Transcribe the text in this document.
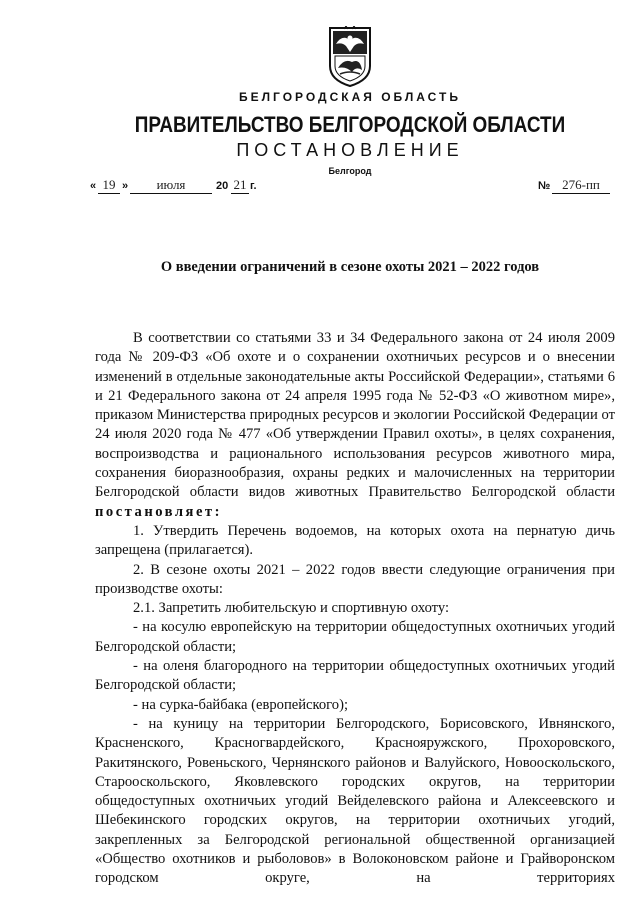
БЕЛГОРОДСКАЯ ОБЛАСТЬ
ПРАВИТЕЛЬСТВО БЕЛГОРОДСКОЙ ОБЛАСТИ
ПОСТАНОВЛЕНИЕ
Белгород
« 19 »	июля	20 21 г.	№ 276-пп
О введении ограничений в сезоне охоты 2021 – 2022 годов

В соответствии со статьями 33 и 34 Федерального закона от 24 июля 2009 года № 209-ФЗ «Об охоте и о сохранении охотничьих ресурсов и о внесении изменений в отдельные законодательные акты Российской Федерации», статьями 6 и 21 Федерального закона от 24 апреля 1995 года № 52-ФЗ «О животном мире», приказом Министерства природных ресурсов и экологии Российской Федерации от 24 июля 2020 года № 477 «Об утверждении Правил охоты», в целях сохранения, воспроизводства и рационального использования ресурсов животного мира, сохранения биоразнообразия, охраны редких и малочисленных на территории Белгородской области видов животных Правительство Белгородской области

постановляет:

1. Утвердить Перечень водоемов, на которых охота на пернатую дичь запрещена (прилагается).

2. В сезоне охоты 2021 – 2022 годов ввести следующие ограничения при производстве охоты:

2.1. Запретить любительскую и спортивную охоту:

- на косулю европейскую на территории общедоступных охотничьих угодий Белгородской области;

- на оленя благородного на территории общедоступных охотничьих угодий Белгородской области;

- на сурка-байбака (европейского);

- на куницу на территории Белгородского, Борисовского, Ивнянского, Красненского, Красногвардейского, Краснояружского, Прохоровского, Ракитянского, Ровеньского, Чернянского районов и Валуйского, Новооскольского, Старооскольского, Яковлевского городских округов, на территории общедоступных охотничьих угодий Вейделевского района и Алексеевского и Шебекинского городских округов, на территории охотничьих угодий, закрепленных за Белгородской региональной общественной организацией «Общество охотников и рыболовов» в Волоконовском районе и Грайворонском городском округе, на территориях
